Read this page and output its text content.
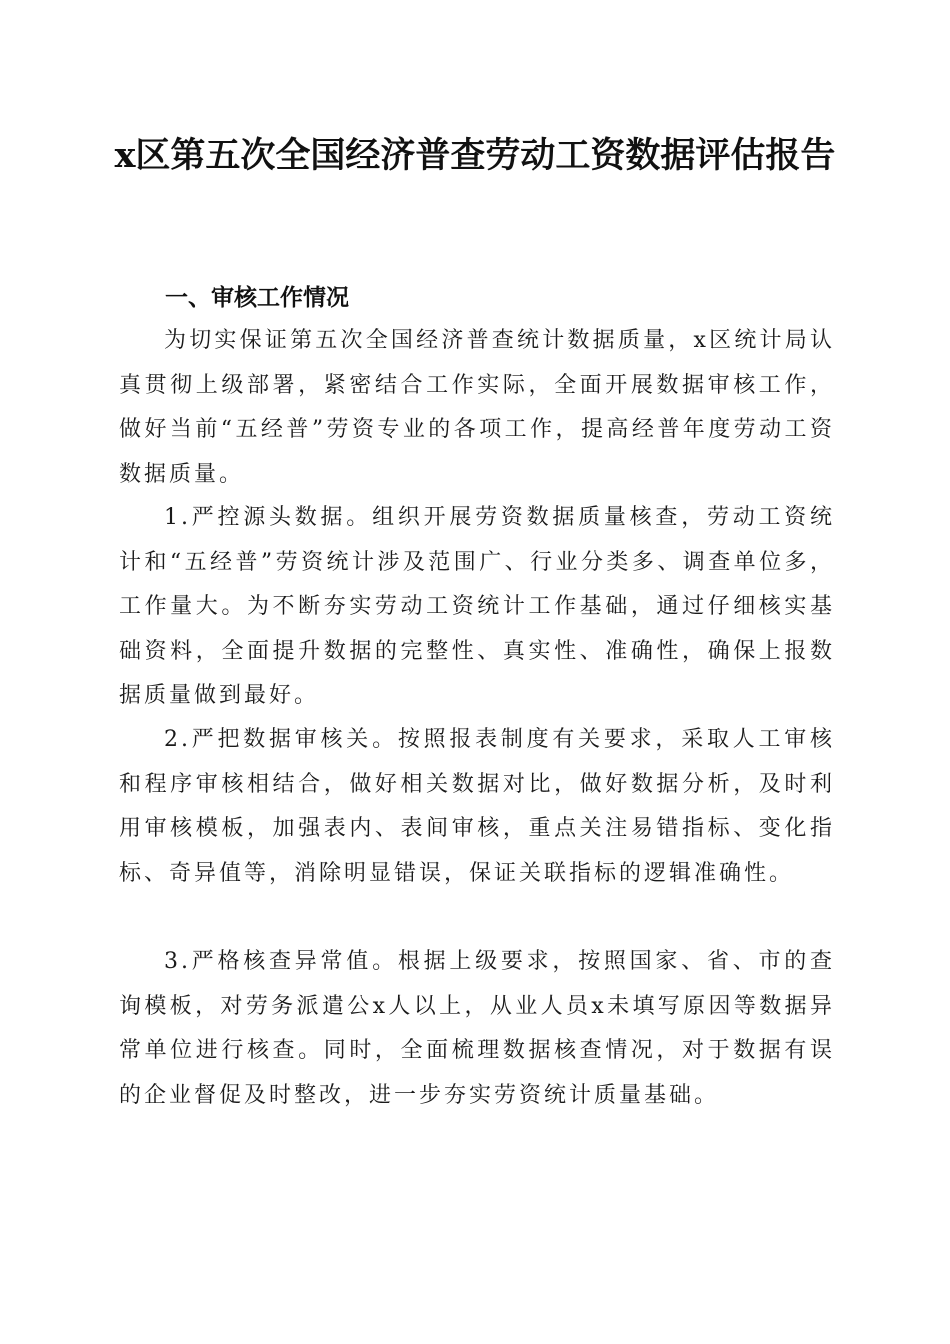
x区第五次全国经济普查劳动工资数据评估报告
一、审核工作情况

为切实保证第五次全国经济普查统计数据质量，x区统计局认真贯彻上级部署，紧密结合工作实际，全面开展数据审核工作，做好当前“五经普”劳资专业的各项工作，提高经普年度劳动工资数据质量。

1.严控源头数据。组织开展劳资数据质量核查，劳动工资统计和“五经普”劳资统计涉及范围广、行业分类多、调查单位多，工作量大。为不断夯实劳动工资统计工作基础，通过仔细核实基础资料，全面提升数据的完整性、真实性、准确性，确保上报数据质量做到最好。

2.严把数据审核关。按照报表制度有关要求，采取人工审核和程序审核相结合，做好相关数据对比，做好数据分析，及时利用审核模板，加强表内、表间审核，重点关注易错指标、变化指标、奇异值等，消除明显错误，保证关联指标的逻辑准确性。

3.严格核查异常值。根据上级要求，按照国家、省、市的查询模板，对劳务派遣公x人以上，从业人员x未填写原因等数据异常单位进行核查。同时，全面梳理数据核查情况，对于数据有误的企业督促及时整改，进一步夯实劳资统计质量基础。
